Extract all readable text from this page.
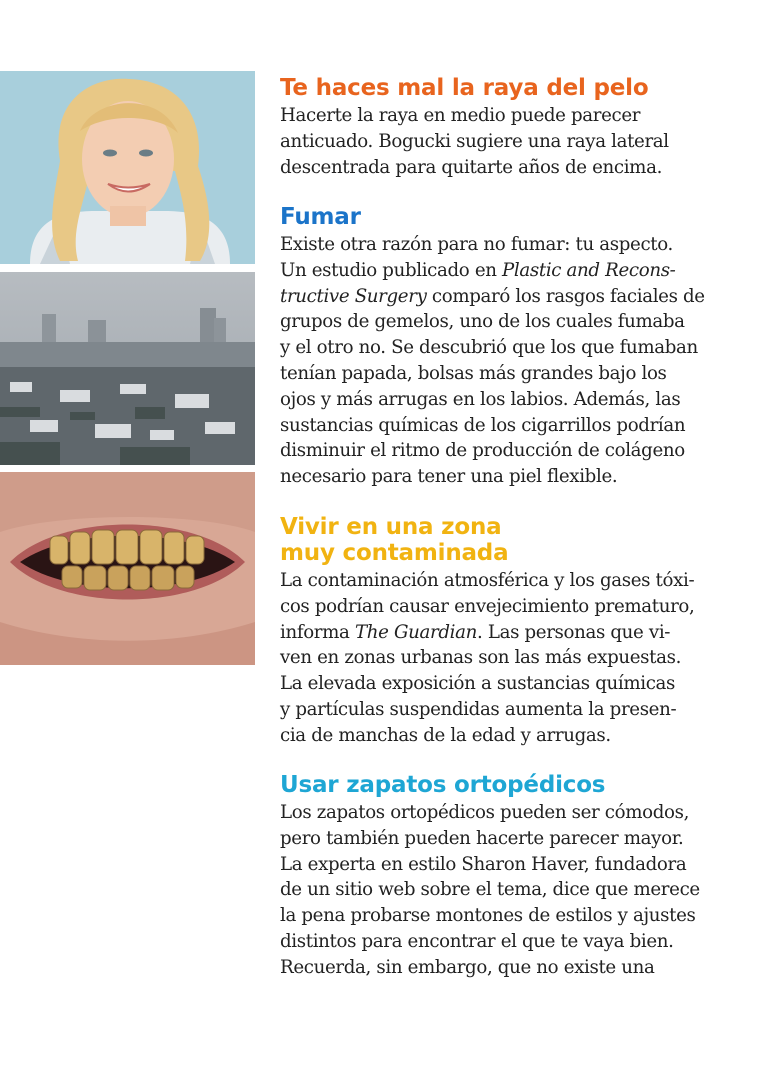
Te haces mal la raya del pelo
Hacerte la raya en medio puede parecer
anticuado. Bogucki sugiere una raya lateral
descentrada para quitarte años de encima.
Fumar
Existe otra razón para no fumar: tu aspecto.
Un estudio publicado en Plastic and Recons-
tructive Surgery comparó los rasgos faciales de
grupos de gemelos, uno de los cuales fumaba
y el otro no. Se descubrió que los que fumaban
tenían papada, bolsas más grandes bajo los
ojos y más arrugas en los labios. Además, las
sustancias químicas de los cigarrillos podrían
disminuir el ritmo de producción de colágeno
necesario para tener una piel flexible.
Vivir en una zona
muy contaminada
La contaminación atmosférica y los gases tóxi-
cos podrían causar envejecimiento prematuro,
informa The Guardian. Las personas que vi-
ven en zonas urbanas son las más expuestas.
La elevada exposición a sustancias químicas
y partículas suspendidas aumenta la presen-
cia de manchas de la edad y arrugas.
Usar zapatos ortopédicos
Los zapatos ortopédicos pueden ser cómodos,
pero también pueden hacerte parecer mayor.
La experta en estilo Sharon Haver, fundadora
de un sitio web sobre el tema, dice que merece
la pena probarse montones de estilos y ajustes
distintos para encontrar el que te vaya bien.
Recuerda, sin embargo, que no existe una
